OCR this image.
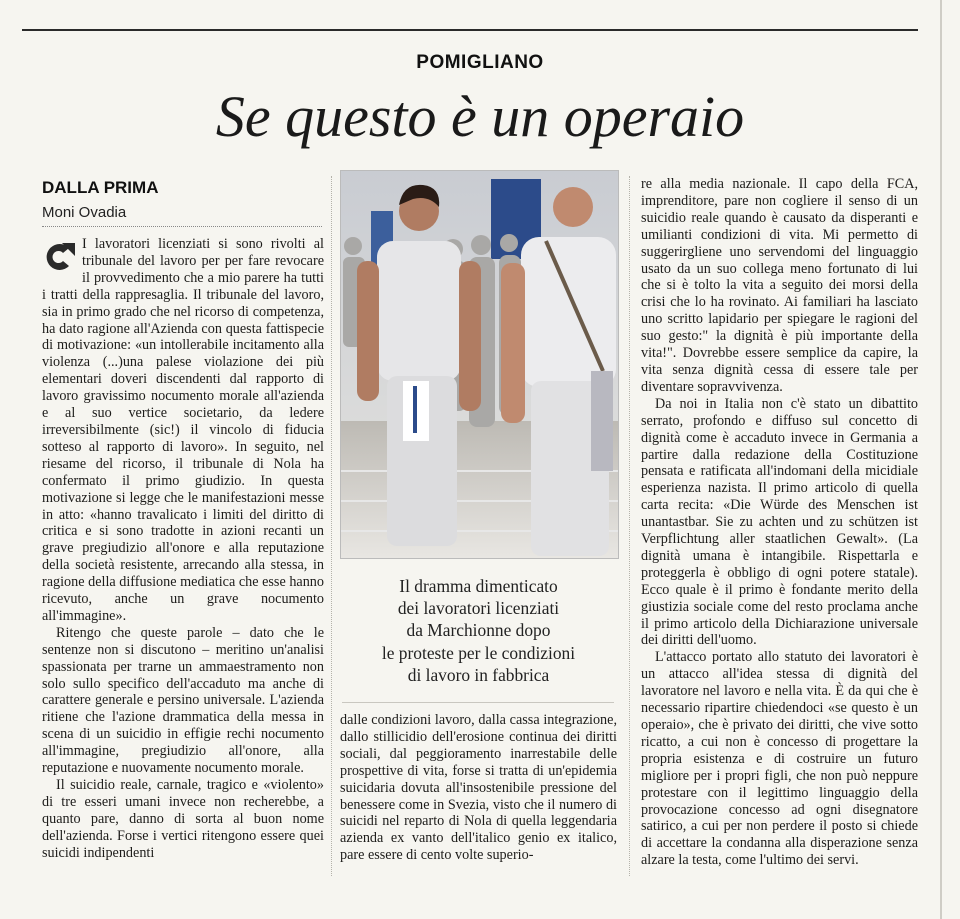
POMIGLIANO
Se questo è un operaio
DALLA PRIMA
Moni Ovadia

I lavoratori licenziati si sono rivolti al tribunale del lavoro per per fare revocare il provvedimento che a mio parere ha tutti i tratti della rappresaglia. Il tribunale del lavoro, sia in primo grado che nel ricorso di competenza, ha dato ragione all'Azienda con questa fattispecie di motivazione: «un intollerabile incitamento alla violenza (...)una palese violazione dei più elementari doveri discendenti dal rapporto di lavoro gravissimo nocumento morale all'azienda e al suo vertice societario, da ledere irreversibilmente (sic!) il vincolo di fiducia sotteso al rapporto di lavoro». In seguito, nel riesame del ricorso, il tribunale di Nola ha confermato il primo giudizio. In questa motivazione si legge che le manifestazioni messe in atto: «hanno travalicato i limiti del diritto di critica e si sono tradotte in azioni recanti un grave pregiudizio all'onore e alla reputazione della società resistente, arrecando alla stessa, in ragione della diffusione mediatica che esse hanno ricevuto, anche un grave nocumento all'immagine».

Ritengo che queste parole – dato che le sentenze non si discutono – meritino un'analisi spassionata per trarne un ammaestramento non solo sullo specifico dell'accaduto ma anche di carattere generale e persino universale. L'azienda ritiene che l'azione drammatica della messa in scena di un suicidio in effigie rechi nocumento all'immagine, pregiudizio all'onore, alla reputazione e nuovamente nocumento morale.

Il suicidio reale, carnale, tragico e «violento» di tre esseri umani invece non recherebbe, a quanto pare, danno di sorta al buon nome dell'azienda. Forse i vertici ritengono essere quei suicidi indipendenti

Il dramma dimenticato
dei lavoratori licenziati
da Marchionne dopo
le proteste per le condizioni
di lavoro in fabbrica

dalle condizioni lavoro, dalla cassa integrazione, dallo stillicidio dell'erosione continua dei diritti sociali, dal peggioramento inarrestabile delle prospettive di vita, forse si tratta di un'epidemia suicidaria dovuta all'insostenibile pressione del benessere come in Svezia, visto che il numero di suicidi nel reparto di Nola di quella leggendaria azienda ex vanto dell'italico genio ex italico, pare essere di cento volte superio-

re alla media nazionale. Il capo della FCA, imprenditore, pare non cogliere il senso di un suicidio reale quando è causato da disperanti e umilianti condizioni di vita. Mi permetto di suggerirgliene uno servendomi del linguaggio usato da un suo collega meno fortunato di lui che si è tolto la vita a seguito dei morsi della crisi che lo ha rovinato. Ai familiari ha lasciato uno scritto lapidario per spiegare le ragioni del suo gesto:" la dignità è più importante della vita!". Dovrebbe essere semplice da capire, la vita senza dignità cessa di essere tale per diventare sopravvivenza.

Da noi in Italia non c'è stato un dibattito serrato, profondo e diffuso sul concetto di dignità come è accaduto invece in Germania a partire dalla redazione della Costituzione pensata e ratificata all'indomani della micidiale esperienza nazista. Il primo articolo di quella carta recita: «Die Würde des Menschen ist unantastbar. Sie zu achten und zu schützen ist Verpflichtung aller staatlichen Gewalt». (La dignità umana è intangibile. Rispettarla e proteggerla è obbligo di ogni potere statale). Ecco quale è il primo è fondante merito della giustizia sociale come del resto proclama anche il primo articolo della Dichiarazione universale dei diritti dell'uomo.

L'attacco portato allo statuto dei lavoratori è un attacco all'idea stessa di dignità del lavoratore nel lavoro e nella vita. È da qui che è necessario ripartire chiedendoci «se questo è un operaio», che è privato dei diritti, che vive sotto ricatto, a cui non è concesso di progettare la propria esistenza e di costruire un futuro migliore per i propri figli, che non può neppure protestare con il legittimo linguaggio della provocazione concesso ad ogni disegnatore satirico, a cui per non perdere il posto si chiede di accettare la condanna alla disperazione senza alzare la testa, come l'ultimo dei servi.
